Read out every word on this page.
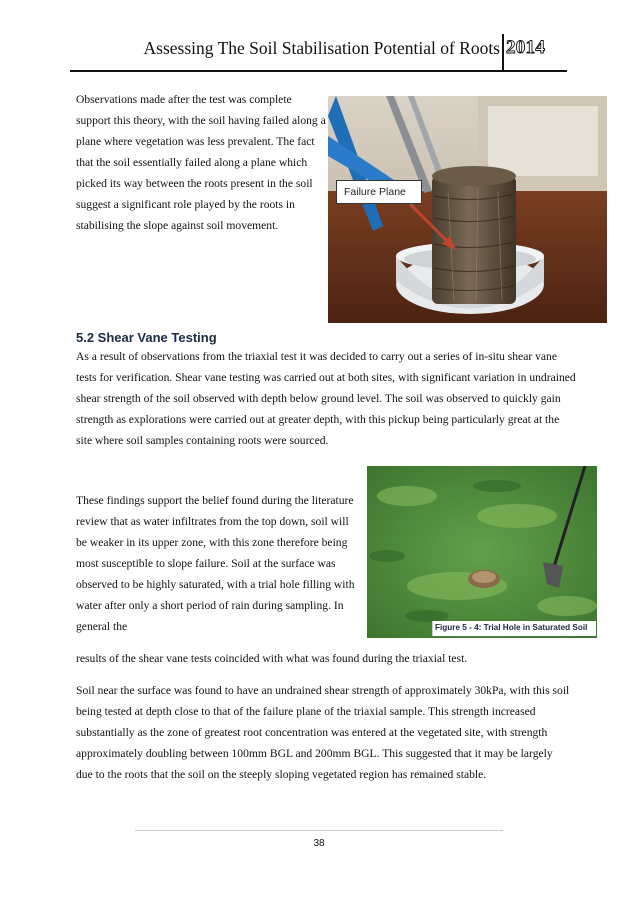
Assessing The Soil Stabilisation Potential of Roots 2014

Observations made after the test was complete support this theory, with the soil having failed along a plane where vegetation was less prevalent. The fact that the soil essentially failed along a plane which picked its way between the roots present in the soil suggest a significant role played by the roots in stabilising the slope against soil movement.

Failure Plane
5.2 Shear Vane Testing

As a result of observations from the triaxial test it was decided to carry out a series of in-situ shear vane tests for verification. Shear vane testing was carried out at both sites, with significant variation in undrained shear strength of the soil observed with depth below ground level. The soil was observed to quickly gain strength as explorations were carried out at greater depth, with this pickup being particularly great at the site where soil samples containing roots were sourced.

These findings support the belief found during the literature review that as water infiltrates from the top down, soil will be weaker in its upper zone, with this zone therefore being most susceptible to slope failure. Soil at the surface was observed to be highly saturated, with a trial hole filling with water after only a short period of rain during sampling. In general the

results of the shear vane tests coincided with what was found during the triaxial test.

Figure 5 - 4: Trial Hole in Saturated Soil

Soil near the surface was found to have an undrained shear strength of approximately 30kPa, with this soil being tested at depth close to that of the failure plane of the triaxial sample. This strength increased substantially as the zone of greatest root concentration was entered at the vegetated site, with strength approximately doubling between 100mm BGL and 200mm BGL. This suggested that it may be largely due to the roots that the soil on the steeply sloping vegetated region has remained stable.

38
